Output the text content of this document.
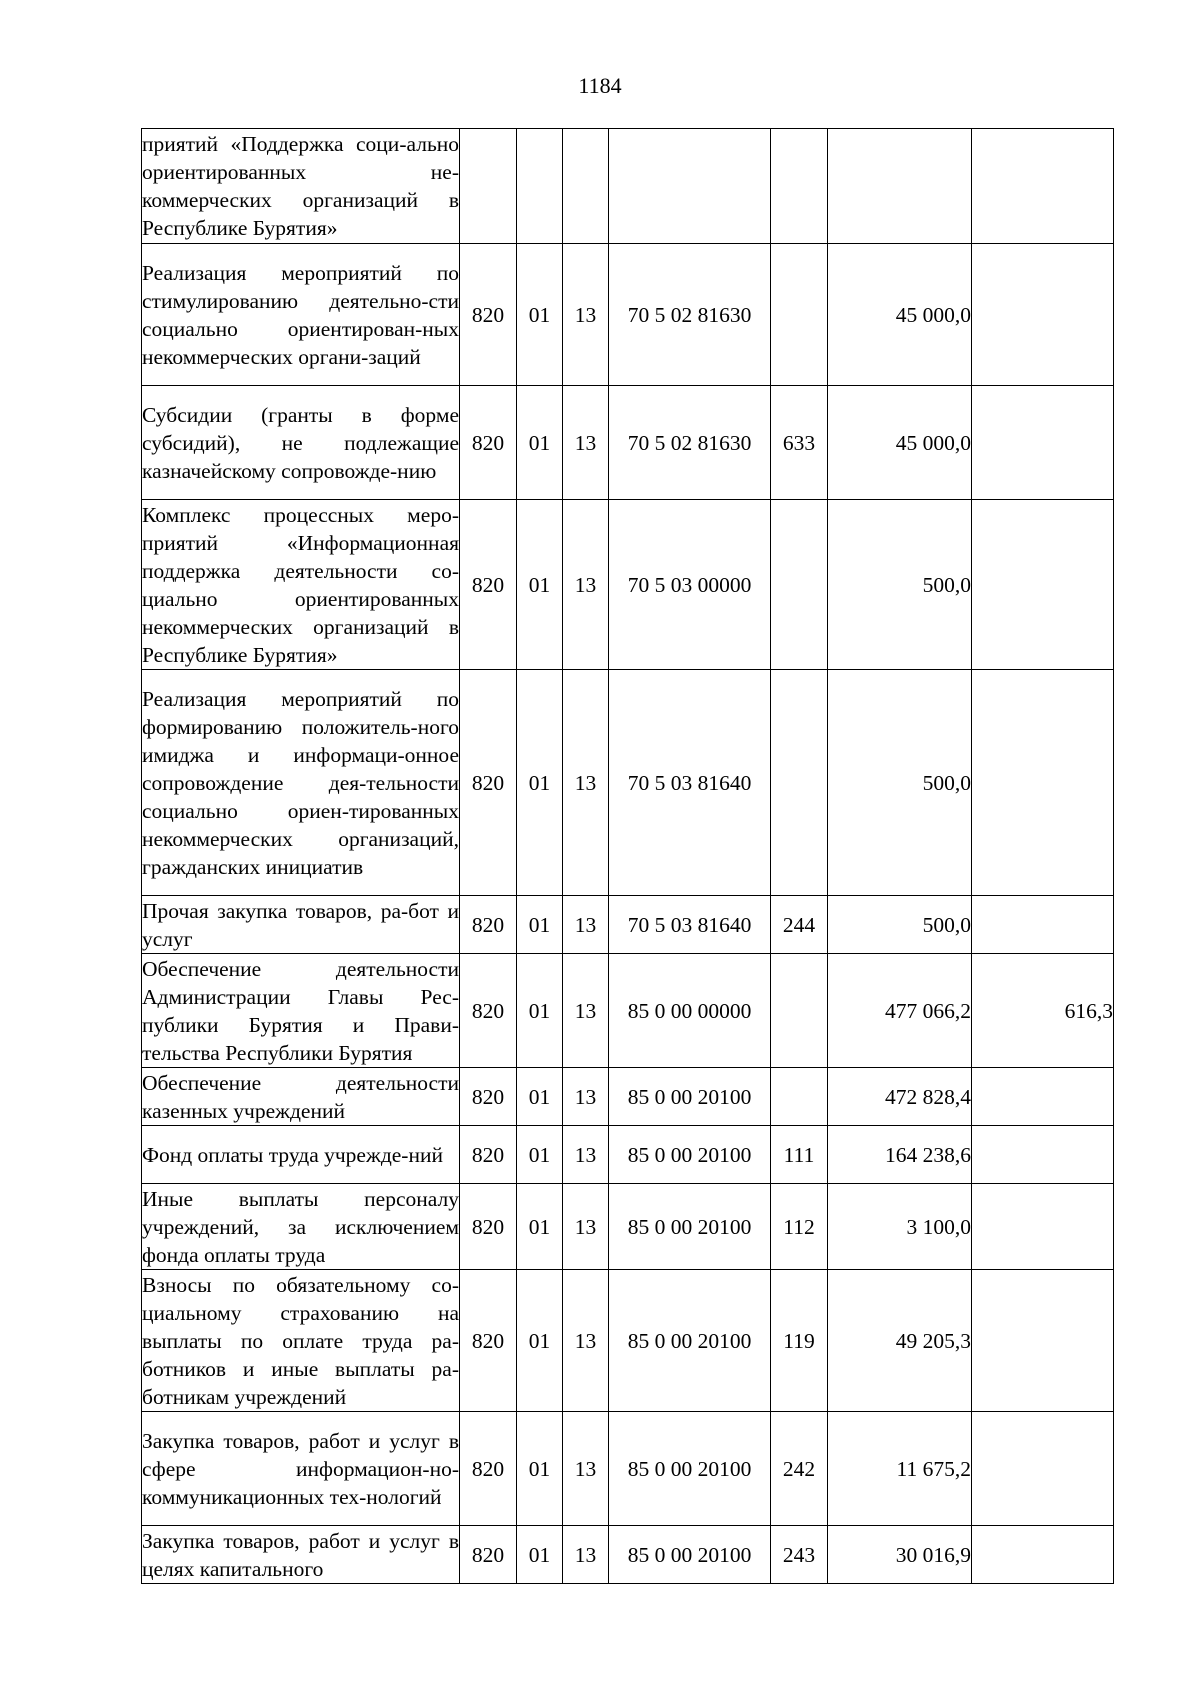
1184
приятий «Поддержка соци-ально ориентированных не-коммерческих организаций в Республике Бурятия»							
Реализация мероприятий по стимулированию деятельно-сти социально ориентирован-ных некоммерческих органи-заций	820	01	13	70 5 02 81630		45 000,0	
Субсидии (гранты в форме субсидий), не подлежащие казначейскому сопровожде-нию	820	01	13	70 5 02 81630	633	45 000,0	
Комплекс процессных меро-приятий «Информационная поддержка деятельности со-циально ориентированных некоммерческих организаций в Республике Бурятия»	820	01	13	70 5 03 00000		500,0	
Реализация мероприятий по формированию положитель-ного имиджа и информаци-онное сопровождение дея-тельности социально ориен-тированных некоммерческих организаций, гражданских инициатив	820	01	13	70 5 03 81640		500,0	
Прочая закупка товаров, ра-бот и услуг	820	01	13	70 5 03 81640	244	500,0	
Обеспечение деятельности Администрации Главы Рес-публики Бурятия и Прави-тельства Республики Бурятия	820	01	13	85 0 00 00000		477 066,2	616,3
Обеспечение деятельности казенных учреждений	820	01	13	85 0 00 20100		472 828,4	
Фонд оплаты труда учрежде-ний	820	01	13	85 0 00 20100	111	164 238,6	
Иные выплаты персоналу учреждений, за исключением фонда оплаты труда	820	01	13	85 0 00 20100	112	3 100,0	
Взносы по обязательному со-циальному страхованию на выплаты по оплате труда ра-ботников и иные выплаты ра-ботникам учреждений	820	01	13	85 0 00 20100	119	49 205,3	
Закупка товаров, работ и услуг в сфере информацион-но-коммуникационных тех-нологий	820	01	13	85 0 00 20100	242	11 675,2	
Закупка товаров, работ и услуг в целях капитального	820	01	13	85 0 00 20100	243	30 016,9	
